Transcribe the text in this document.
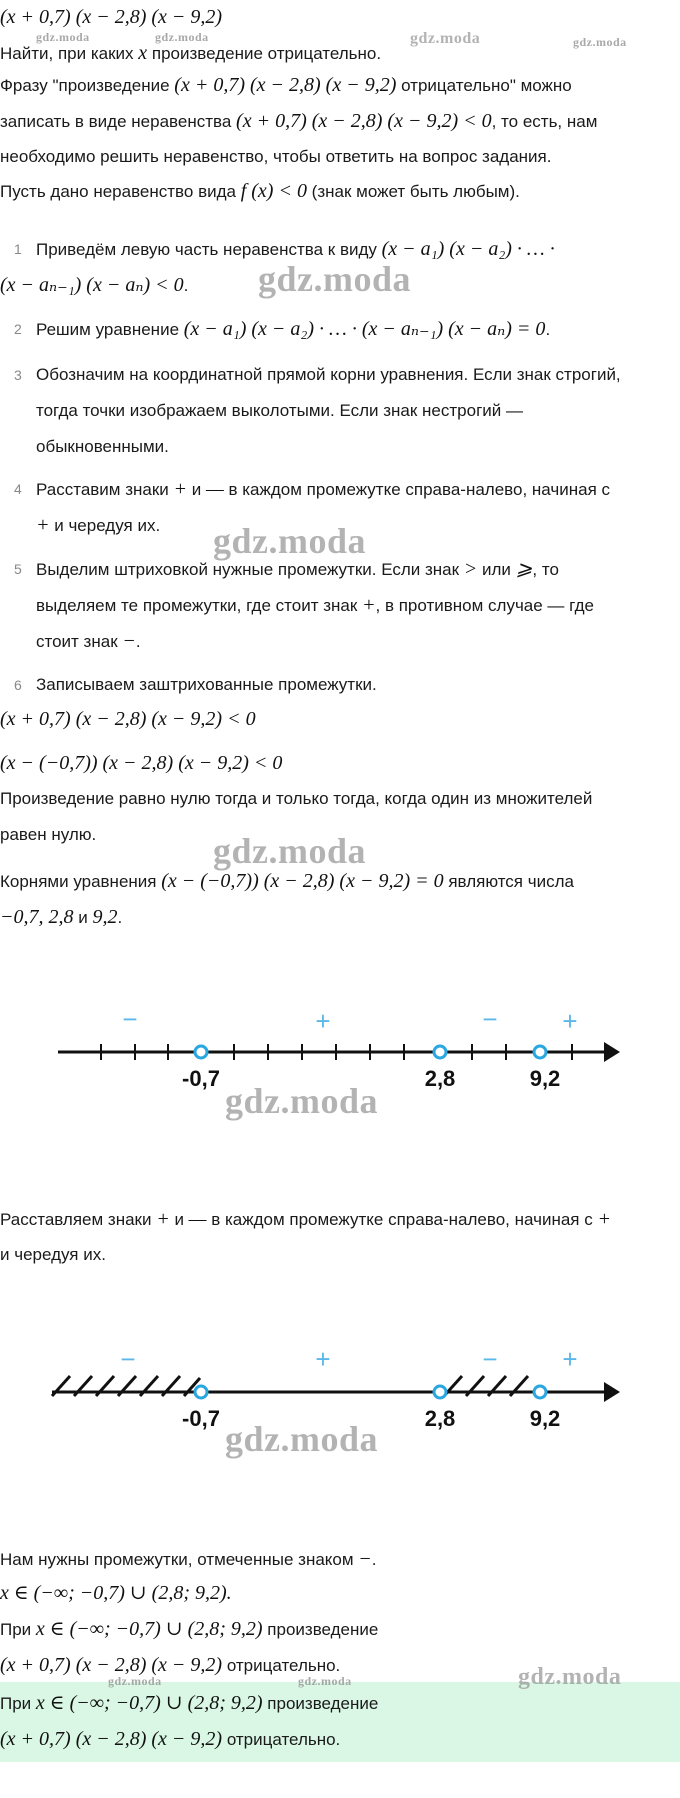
(x + 0,7) (x − 2,8) (x − 9,2)
Найти, при каких x произведение отрицательно.
Фразу "произведение (x + 0,7) (x − 2,8) (x − 9,2) отрицательно" можно
записать в виде неравенства (x + 0,7) (x − 2,8) (x − 9,2) < 0, то есть, нам
необходимо решить неравенство, чтобы ответить на вопрос задания.
Пусть дано неравенство вида f (x) < 0 (знак может быть любым).
1 Приведём левую часть неравенства к виду (x − a₁) (x − a₂) · … ·
(x − aₙ₋₁) (x − aₙ) < 0.
2 Решим уравнение (x − a₁) (x − a₂) · … · (x − aₙ₋₁) (x − aₙ) = 0.
3 Обозначим на координатной прямой корни уравнения. Если знак строгий,
тогда точки изображаем выколотыми. Если знак нестрогий —
обыкновенными.
4 Расставим знаки + и — в каждом промежутке справа-налево, начиная с
+ и чередуя их.
5 Выделим штриховкой нужные промежутки. Если знак > или ⩾, то
выделяем те промежутки, где стоит знак +, в противном случае — где
стоит знак −.
6 Записываем заштрихованные промежутки.
(x + 0,7) (x − 2,8) (x − 9,2) < 0
(x − (−0,7)) (x − 2,8) (x − 9,2) < 0
Произведение равно нулю тогда и только тогда, когда один из множителей
равен нулю.
Корнями уравнения (x − (−0,7)) (x − 2,8) (x − 9,2) = 0 являются числа
−0,7, 2,8 и 9,2.
-0,7	2,8	9,2
−	+	− +
Расставляем знаки + и — в каждом промежутке справа-налево, начиная с +
и чередуя их.
-0,7	2,8	9,2
−	+	− +
Нам нужны промежутки, отмеченные знаком −.
x ∈ (−∞; −0,7) ∪ (2,8; 9,2).
При x ∈ (−∞; −0,7) ∪ (2,8; 9,2) произведение
(x + 0,7) (x − 2,8) (x − 9,2) отрицательно.
При x ∈ (−∞; −0,7) ∪ (2,8; 9,2) произведение
(x + 0,7) (x − 2,8) (x − 9,2) отрицательно.
gdz.moda	gdz.moda	gdz.moda
gdz.moda
gdz.moda
gdz.moda
gdz.moda
gdz.moda
gdz.moda
gdz.moda	gdz.moda	gdz.moda
